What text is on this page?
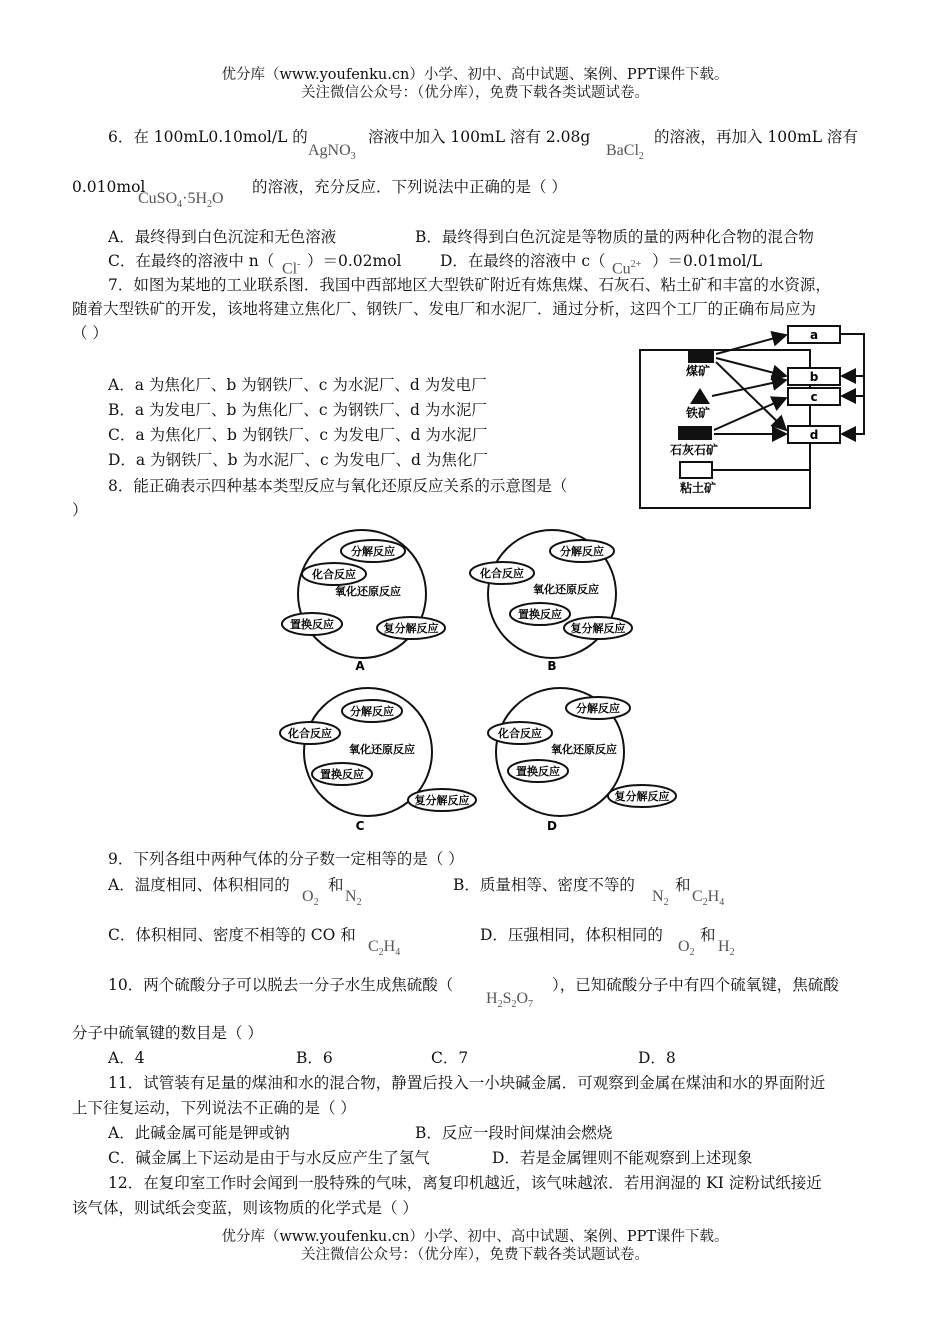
优分库（www.youfenku.cn）小学、初中、高中试题、案例、PPT课件下载。
关注微信公众号：（优分库），免费下载各类试题试卷。
6．在 100mL0.10mol/L 的
AgNO$_3$
溶液中加入 100mL 溶有 2.08g
BaCl$_2$
的溶液，再加入 100mL 溶有
0.010mol
$CuSO_4\cdot 5H_2O$
的溶液，充分反应．下列说法中正确的是（ ）
A．最终得到白色沉淀和无色溶液	B．最终得到白色沉淀是等物质的量的两种化合物的混合物
C．在最终的溶液中 n（ Cl- ）＝0.02mol D．在最终的溶液中 c（ $Cu^{2+}$ ）＝0.01mol/L
7．如图为某地的工业联系图．我国中西部地区大型铁矿附近有炼焦煤、石灰石、粘土矿和丰富的水资源，
随着大型铁矿的开发，该地将建立焦化厂、钢铁厂、发电厂和水泥厂．通过分析，这四个工厂的正确布局应为
（ ）
A．a 为焦化厂、b 为钢铁厂、c 为水泥厂、d 为发电厂
B．a 为发电厂、b 为焦化厂、c 为钢铁厂、d 为水泥厂
C．a 为焦化厂、b 为钢铁厂、c 为发电厂、d 为水泥厂
D．a 为钢铁厂、b 为水泥厂、c 为发电厂、d 为焦化厂
a
b
c
d
煤矿
铁矿
石灰石矿
粘土矿
8．能正确表示四种基本类型反应与氧化还原反应关系的示意图是（
）
分解反应
化合反应
氧化还原反应
置换反应	复分解反应
A
分解反应
化合反应
氧化还原反应
置换反应
复分解反应
B
分解反应
化合反应
氧化还原反应
置换反应
复分解反应
C
分解反应
化合反应
氧化还原反应
置换反应
复分解反应
D
9．下列各组中两种气体的分子数一定相等的是（ ）
A．温度相同、体积相同的
$O_2$
和
$N_2$
B．质量相等、密度不等的
$N_2$
和
$C_2H_4$
C．体积相同、密度不相等的 CO 和
$C_2H_4$
D．压强相同，体积相同的
$O_2$
和
$H_2$
10．两个硫酸分子可以脱去一分子水生成焦硫酸（
$H_2S_2O_7$
），已知硫酸分子中有四个硫氧键，焦硫酸
分子中硫氧键的数目是（ ）
A．4	B．6	C．7	D．8
11．试管装有足量的煤油和水的混合物，静置后投入一小块碱金属．可观察到金属在煤油和水的界面附近
上下往复运动，下列说法不正确的是（ ）
A．此碱金属可能是钾或钠	B．反应一段时间煤油会燃烧
C．碱金属上下运动是由于与水反应产生了氢气	D．若是金属锂则不能观察到上述现象
12．在复印室工作时会闻到一股特殊的气味，离复印机越近，该气味越浓．若用润湿的 KI 淀粉试纸接近
该气体，则试纸会变蓝，则该物质的化学式是（ ）
优分库（www.youfenku.cn）小学、初中、高中试题、案例、PPT课件下载。
关注微信公众号：（优分库），免费下载各类试题试卷。
